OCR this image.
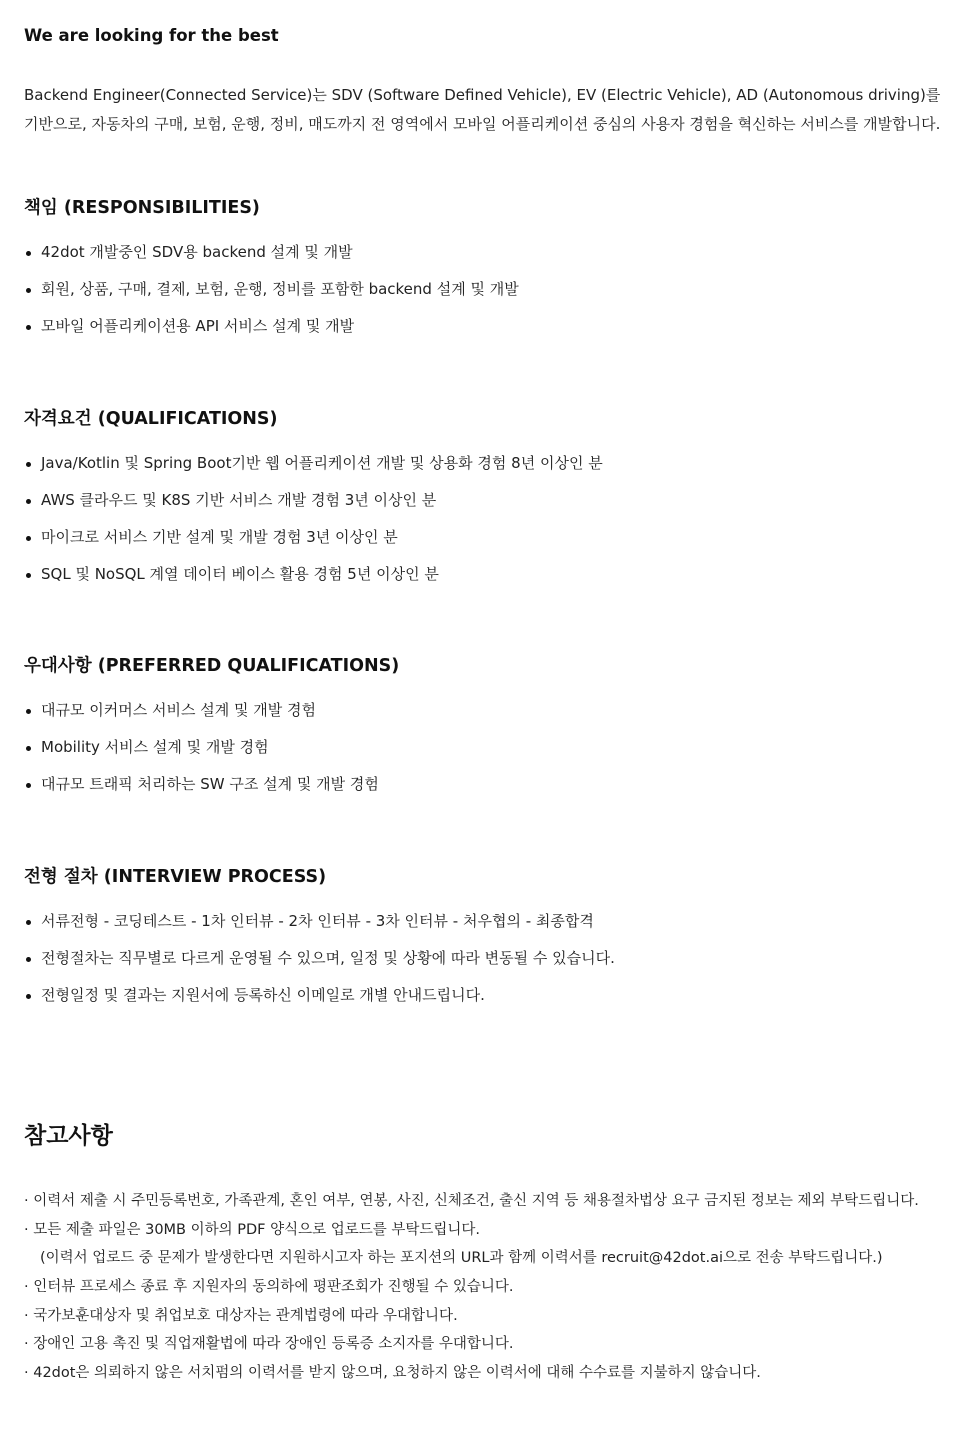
We are looking for the best

Backend Engineer(Connected Service)는 SDV (Software Defined Vehicle), EV (Electric Vehicle), AD (Autonomous driving)를
기반으로, 자동차의 구매, 보험, 운행, 정비, 매도까지 전 영역에서 모바일 어플리케이션 중심의 사용자 경험을 혁신하는 서비스를 개발합니다.

책임 (RESPONSIBILITIES)
42dot 개발중인 SDV용 backend 설계 및 개발
회원, 상품, 구매, 결제, 보험, 운행, 정비를 포함한 backend 설계 및 개발
모바일 어플리케이션용 API 서비스 설계 및 개발
자격요건 (QUALIFICATIONS)
Java/Kotlin 및 Spring Boot기반 웹 어플리케이션 개발 및 상용화 경험 8년 이상인 분
AWS 클라우드 및 K8S 기반 서비스 개발 경험 3년 이상인 분
마이크로 서비스 기반 설계 및 개발 경험 3년 이상인 분
SQL 및 NoSQL 계열 데이터 베이스 활용 경험 5년 이상인 분
우대사항 (PREFERRED QUALIFICATIONS)
대규모 이커머스 서비스 설계 및 개발 경험
Mobility 서비스 설계 및 개발 경험
대규모 트래픽 처리하는 SW 구조 설계 및 개발 경험
전형 절차 (INTERVIEW PROCESS)
서류전형 - 코딩테스트 - 1차 인터뷰 - 2차 인터뷰 - 3차 인터뷰 - 처우협의 - 최종합격
전형절차는 직무별로 다르게 운영될 수 있으며, 일정 및 상황에 따라 변동될 수 있습니다.
전형일정 및 결과는 지원서에 등록하신 이메일로 개별 안내드립니다.
참고사항
· 이력서 제출 시 주민등록번호, 가족관계, 혼인 여부, 연봉, 사진, 신체조건, 출신 지역 등 채용절차법상 요구 금지된 정보는 제외 부탁드립니다.
· 모든 제출 파일은 30MB 이하의 PDF 양식으로 업로드를 부탁드립니다.
(이력서 업로드 중 문제가 발생한다면 지원하시고자 하는 포지션의 URL과 함께 이력서를 recruit@42dot.ai으로 전송 부탁드립니다.)
· 인터뷰 프로세스 종료 후 지원자의 동의하에 평판조회가 진행될 수 있습니다.
· 국가보훈대상자 및 취업보호 대상자는 관계법령에 따라 우대합니다.
· 장애인 고용 촉진 및 직업재활법에 따라 장애인 등록증 소지자를 우대합니다.
· 42dot은 의뢰하지 않은 서치펌의 이력서를 받지 않으며, 요청하지 않은 이력서에 대해 수수료를 지불하지 않습니다.
